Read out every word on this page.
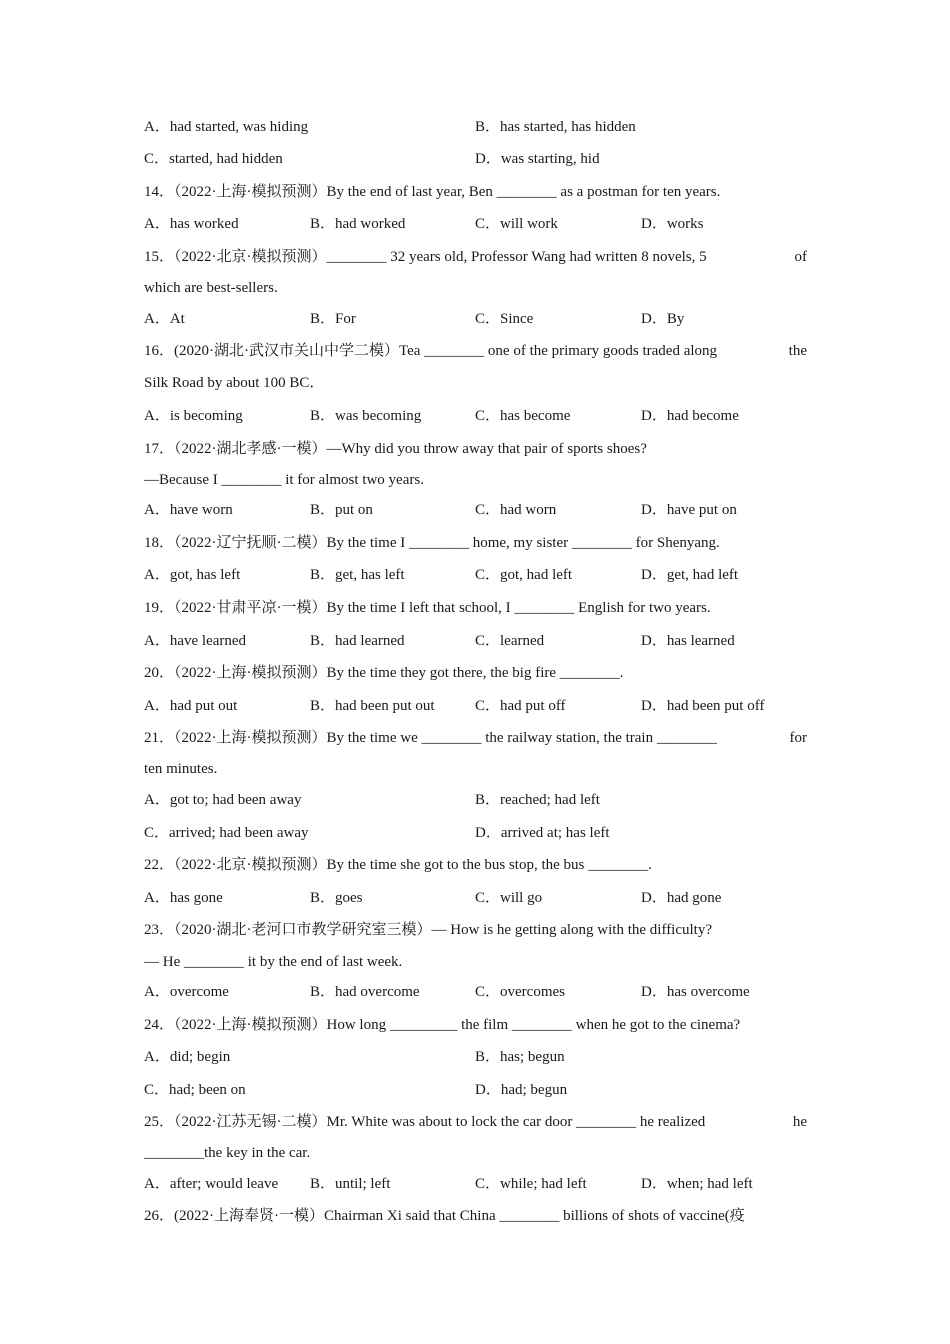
A．had started, was hiding	B．has started, has hidden
C．started, had hidden	D．was starting, hid
14．（2022·上海·模拟预测）By the end of last year, Ben ________ as a postman for ten years.
A．has worked	B．had worked	C．will work	D．works
15．（2022·北京·模拟预测）________ 32 years old, Professor Wang had written 8 novels, 5	of
which are best-sellers.
A．At	B．For	C．Since	D．By
16．(2020·湖北·武汉市关山中学二模）Tea ________ one of the primary goods traded along	the
Silk Road by about 100 BC．
A．is becoming	B．was becoming	C．has become	D．had become
17．（2022·湖北孝感·一模）—Why did you throw away that pair of sports shoes?
—Because I ________ it for almost two years.
A．have worn	B．put on	C．had worn	D．have put on
18．（2022·辽宁抚顺·二模）By the time I ________ home, my sister ________ for Shenyang.
A．got, has left	B．get, has left	C．got, had left	D．get, had left
19．（2022·甘肃平凉·一模）By the time I left that school, I ________ English for two years.
A．have learned	B．had learned	C．learned	D．has learned
20．（2022·上海·模拟预测）By the time they got there, the big fire ________.
A．had put out	B．had been put out	C．had put off	D．had been put off
21．（2022·上海·模拟预测）By the time we ________ the railway station, the train ________	for
ten minutes.
A．got to; had been away	B．reached; had left
C．arrived; had been away	D．arrived at; has left
22．（2022·北京·模拟预测）By the time she got to the bus stop, the bus ________.
A．has gone	B．goes	C．will go	D．had gone
23．（2020·湖北·老河口市教学研究室三模）— How is he getting along with the difficulty?
— He ________ it by the end of last week.
A．overcome	B．had overcome	C．overcomes	D．has overcome
24．（2022·上海·模拟预测）How long _________ the film ________ when he got to the cinema?
A．did; begin	B．has; begun
C．had; been on	D．had; begun
25．（2022·江苏无锡·二模）Mr. White was about to lock the car door ________ he realized	he
________the key in the car.
A．after; would leave B．until; left	C．while; had left	D．when; had left
26．(2022·上海奉贤·一模）Chairman Xi said that China ________ billions of shots of vaccine(疫
